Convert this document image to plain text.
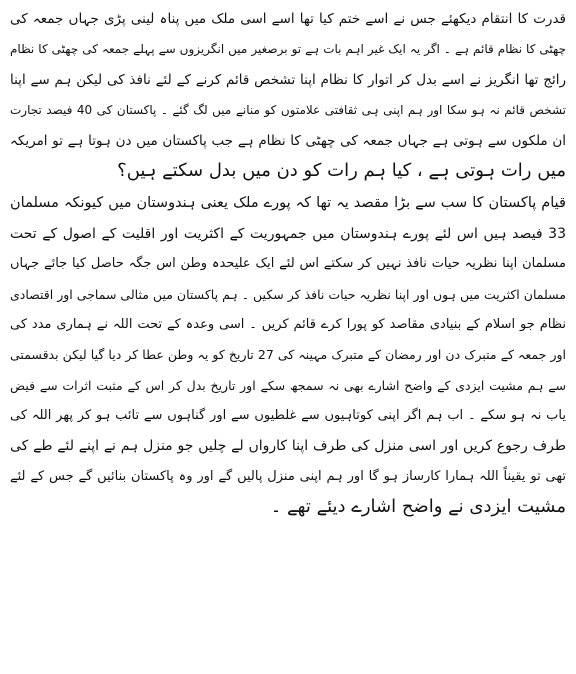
قدرت کا انتقام دیکھئے جس نے اسے ختم کیا تھا اسے اسی ملک میں پناہ لینی پڑی جہاں جمعہ کی
چھٹی کا نظام قائم ہے ۔ اگر یہ ایک غیر اہم بات ہے تو برصغیر میں انگریزوں سے پہلے جمعہ کی چھٹی کا نظام
رائج تھا انگریز نے اسے بدل کر اتوار کا نظام اپنا تشخص قائم کرنے کے لئے نافذ کی لیکن ہم سے اپنا
تشخص قائم نہ ہو سکا اور ہم اپنی ہی ثقافتی علامتوں کو منانے میں لگ گئے ۔ پاکستان کی 40 فیصد تجارت
ان ملکوں سے ہوتی ہے جہاں جمعہ کی چھٹی کا نظام ہے جب پاکستان میں دن ہوتا ہے تو امریکہ
میں رات ہوتی ہے ، کیا ہم رات کو دن میں بدل سکتے ہیں؟
قیام پاکستان کا سب سے بڑا مقصد یہ تھا کہ پورے ملک یعنی ہندوستان میں کیونکہ مسلمان
33 فیصد ہیں اس لئے پورے ہندوستان میں جمہوریت کے اکثریت اور اقلیت کے اصول کے تحت
مسلمان اپنا نظریہ حیات نافذ نہیں کر سکتے اس لئے ایک علیحدہ وطن اس جگہ حاصل کیا جائے جہاں
مسلمان اکثریت میں ہوں اور اپنا نظریہ حیات نافذ کر سکیں ۔ ہم پاکستان میں مثالی سماجی اور اقتصادی
نظام جو اسلام کے بنیادی مقاصد کو پورا کرے قائم کریں ۔ اسی وعدہ کے تحت اللہ نے ہماری مدد کی
اور جمعہ کے متبرک دن اور رمضان کے متبرک مہینہ کی 27 تاریخ کو یہ وطن عطا کر دیا گیا لیکن بدقسمتی
سے ہم مشیت ایزدی کے واضح اشارے بھی نہ سمجھ سکے اور تاریخ بدل کر اس کے مثبت اثرات سے فیض
یاب نہ ہو سکے ۔ اب ہم اگر اپنی کوتاہیوں سے غلطیوں سے اور گناہوں سے تائب ہو کر پھر اللہ کی
طرف رجوع کریں اور اسی منزل کی طرف اپنا کارواں لے چلیں جو منزل ہم نے اپنے لئے طے کی
تھی تو یقیناً اللہ ہمارا کارساز ہو گا اور ہم اپنی منزل پالیں گے اور وہ پاکستان بنائیں گے جس کے لئے
مشیت ایزدی نے واضح اشارے دیئے تھے ۔
